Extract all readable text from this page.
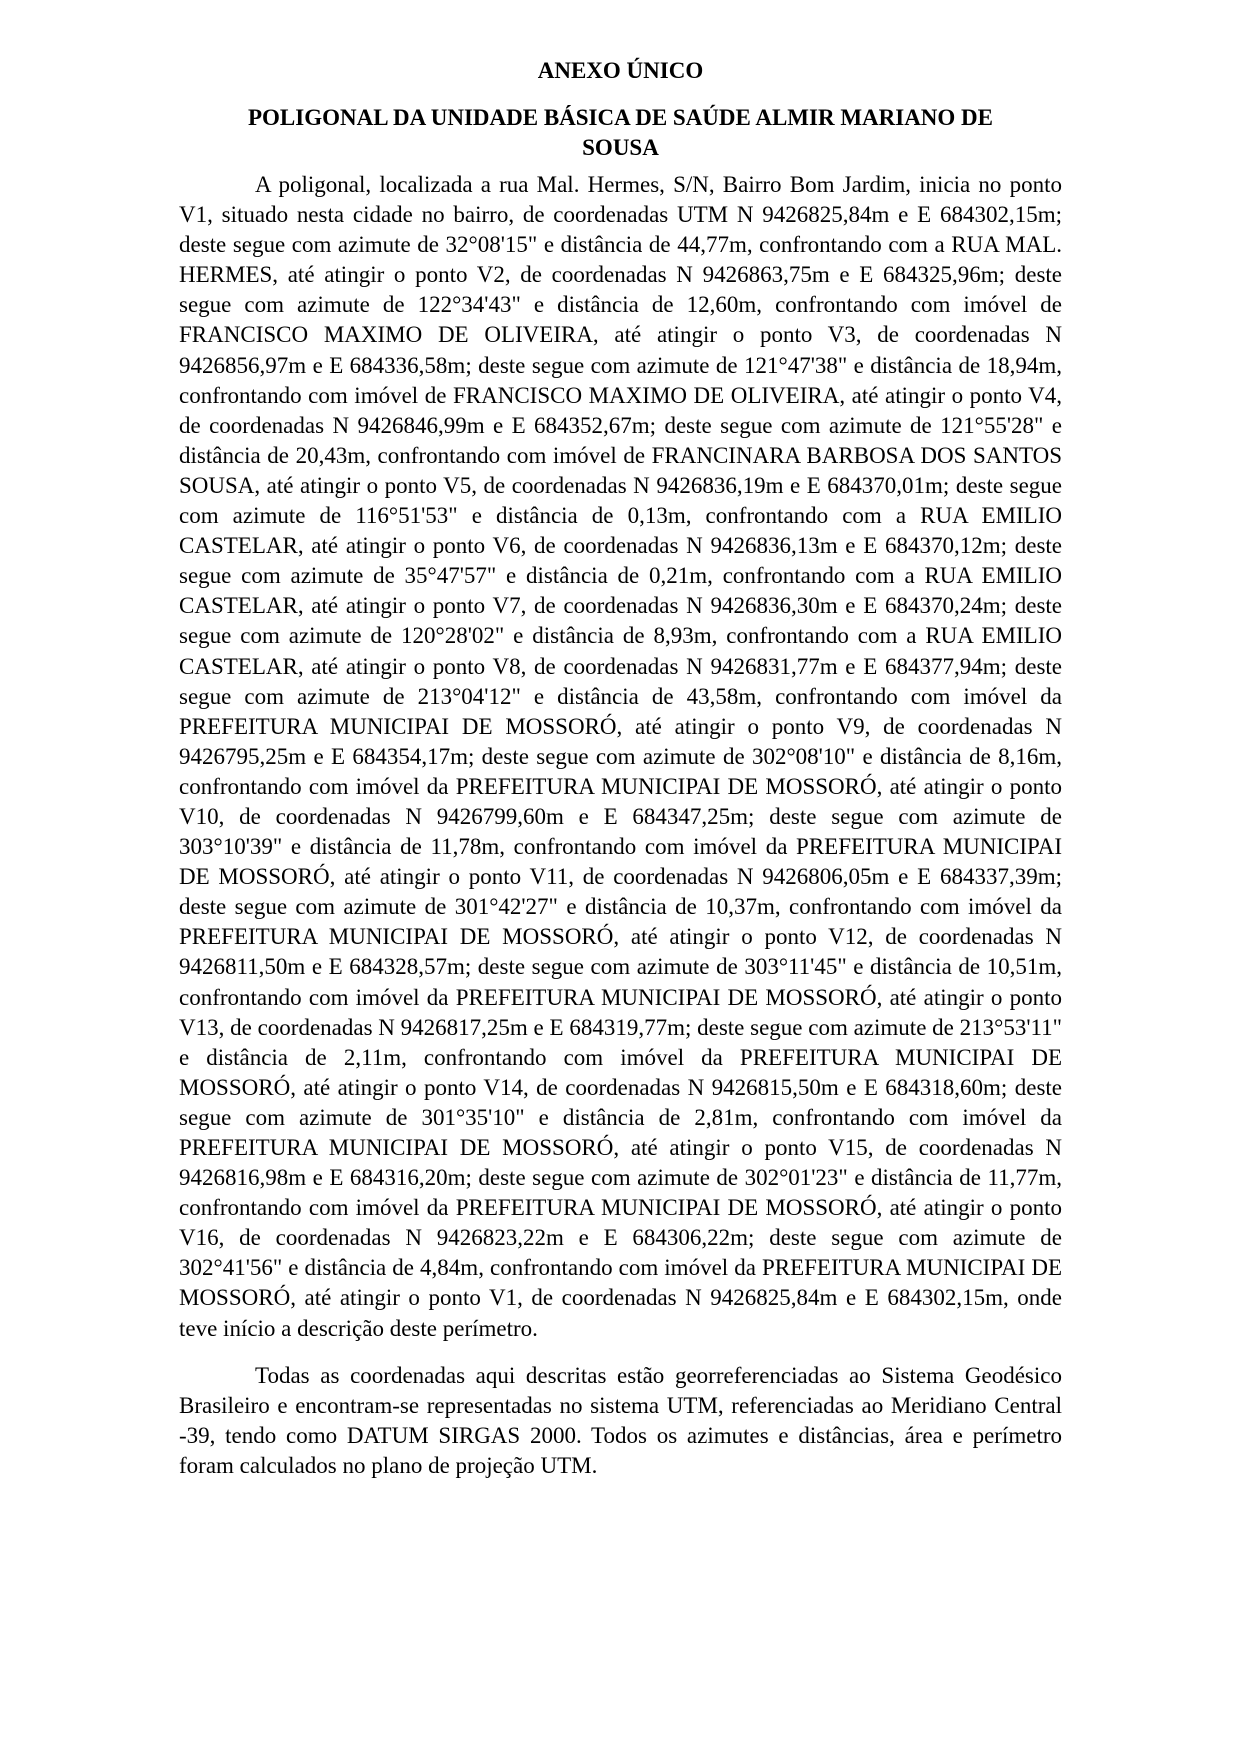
ANEXO ÚNICO

POLIGONAL DA UNIDADE BÁSICA DE SAÚDE ALMIR MARIANO DE SOUSA

A poligonal, localizada a rua Mal. Hermes, S/N, Bairro Bom Jardim, inicia no ponto V1, situado nesta cidade no bairro, de coordenadas UTM N 9426825,84m e E 684302,15m; deste segue com azimute de 32°08'15" e distância de 44,77m, confrontando com a RUA MAL. HERMES, até atingir o ponto V2, de coordenadas N 9426863,75m e E 684325,96m; deste segue com azimute de 122°34'43" e distância de 12,60m, confrontando com imóvel de FRANCISCO MAXIMO DE OLIVEIRA, até atingir o ponto V3, de coordenadas N 9426856,97m e E 684336,58m; deste segue com azimute de 121°47'38" e distância de 18,94m, confrontando com imóvel de FRANCISCO MAXIMO DE OLIVEIRA, até atingir o ponto V4, de coordenadas N 9426846,99m e E 684352,67m; deste segue com azimute de 121°55'28" e distância de 20,43m, confrontando com imóvel de FRANCINARA BARBOSA DOS SANTOS SOUSA, até atingir o ponto V5, de coordenadas N 9426836,19m e E 684370,01m; deste segue com azimute de 116°51'53" e distância de 0,13m, confrontando com a RUA EMILIO CASTELAR, até atingir o ponto V6, de coordenadas N 9426836,13m e E 684370,12m; deste segue com azimute de 35°47'57" e distância de 0,21m, confrontando com a RUA EMILIO CASTELAR, até atingir o ponto V7, de coordenadas N 9426836,30m e E 684370,24m; deste segue com azimute de 120°28'02" e distância de 8,93m, confrontando com a RUA EMILIO CASTELAR, até atingir o ponto V8, de coordenadas N 9426831,77m e E 684377,94m; deste segue com azimute de 213°04'12" e distância de 43,58m, confrontando com imóvel da PREFEITURA MUNICIPAI DE MOSSORÓ, até atingir o ponto V9, de coordenadas N 9426795,25m e E 684354,17m; deste segue com azimute de 302°08'10" e distância de 8,16m, confrontando com imóvel da PREFEITURA MUNICIPAI DE MOSSORÓ, até atingir o ponto V10, de coordenadas N 9426799,60m e E 684347,25m; deste segue com azimute de 303°10'39" e distância de 11,78m, confrontando com imóvel da PREFEITURA MUNICIPAI DE MOSSORÓ, até atingir o ponto V11, de coordenadas N 9426806,05m e E 684337,39m; deste segue com azimute de 301°42'27" e distância de 10,37m, confrontando com imóvel da PREFEITURA MUNICIPAI DE MOSSORÓ, até atingir o ponto V12, de coordenadas N 9426811,50m e E 684328,57m; deste segue com azimute de 303°11'45" e distância de 10,51m, confrontando com imóvel da PREFEITURA MUNICIPAI DE MOSSORÓ, até atingir o ponto V13, de coordenadas N 9426817,25m e E 684319,77m; deste segue com azimute de 213°53'11" e distância de 2,11m, confrontando com imóvel da PREFEITURA MUNICIPAI DE MOSSORÓ, até atingir o ponto V14, de coordenadas N 9426815,50m e E 684318,60m; deste segue com azimute de 301°35'10" e distância de 2,81m, confrontando com imóvel da PREFEITURA MUNICIPAI DE MOSSORÓ, até atingir o ponto V15, de coordenadas N 9426816,98m e E 684316,20m; deste segue com azimute de 302°01'23" e distância de 11,77m, confrontando com imóvel da PREFEITURA MUNICIPAI DE MOSSORÓ, até atingir o ponto V16, de coordenadas N 9426823,22m e E 684306,22m; deste segue com azimute de 302°41'56" e distância de 4,84m, confrontando com imóvel da PREFEITURA MUNICIPAI DE MOSSORÓ, até atingir o ponto V1, de coordenadas N 9426825,84m e E 684302,15m, onde teve início a descrição deste perímetro.

Todas as coordenadas aqui descritas estão georreferenciadas ao Sistema Geodésico Brasileiro e encontram-se representadas no sistema UTM, referenciadas ao Meridiano Central -39, tendo como DATUM SIRGAS 2000. Todos os azimutes e distâncias, área e perímetro foram calculados no plano de projeção UTM.
